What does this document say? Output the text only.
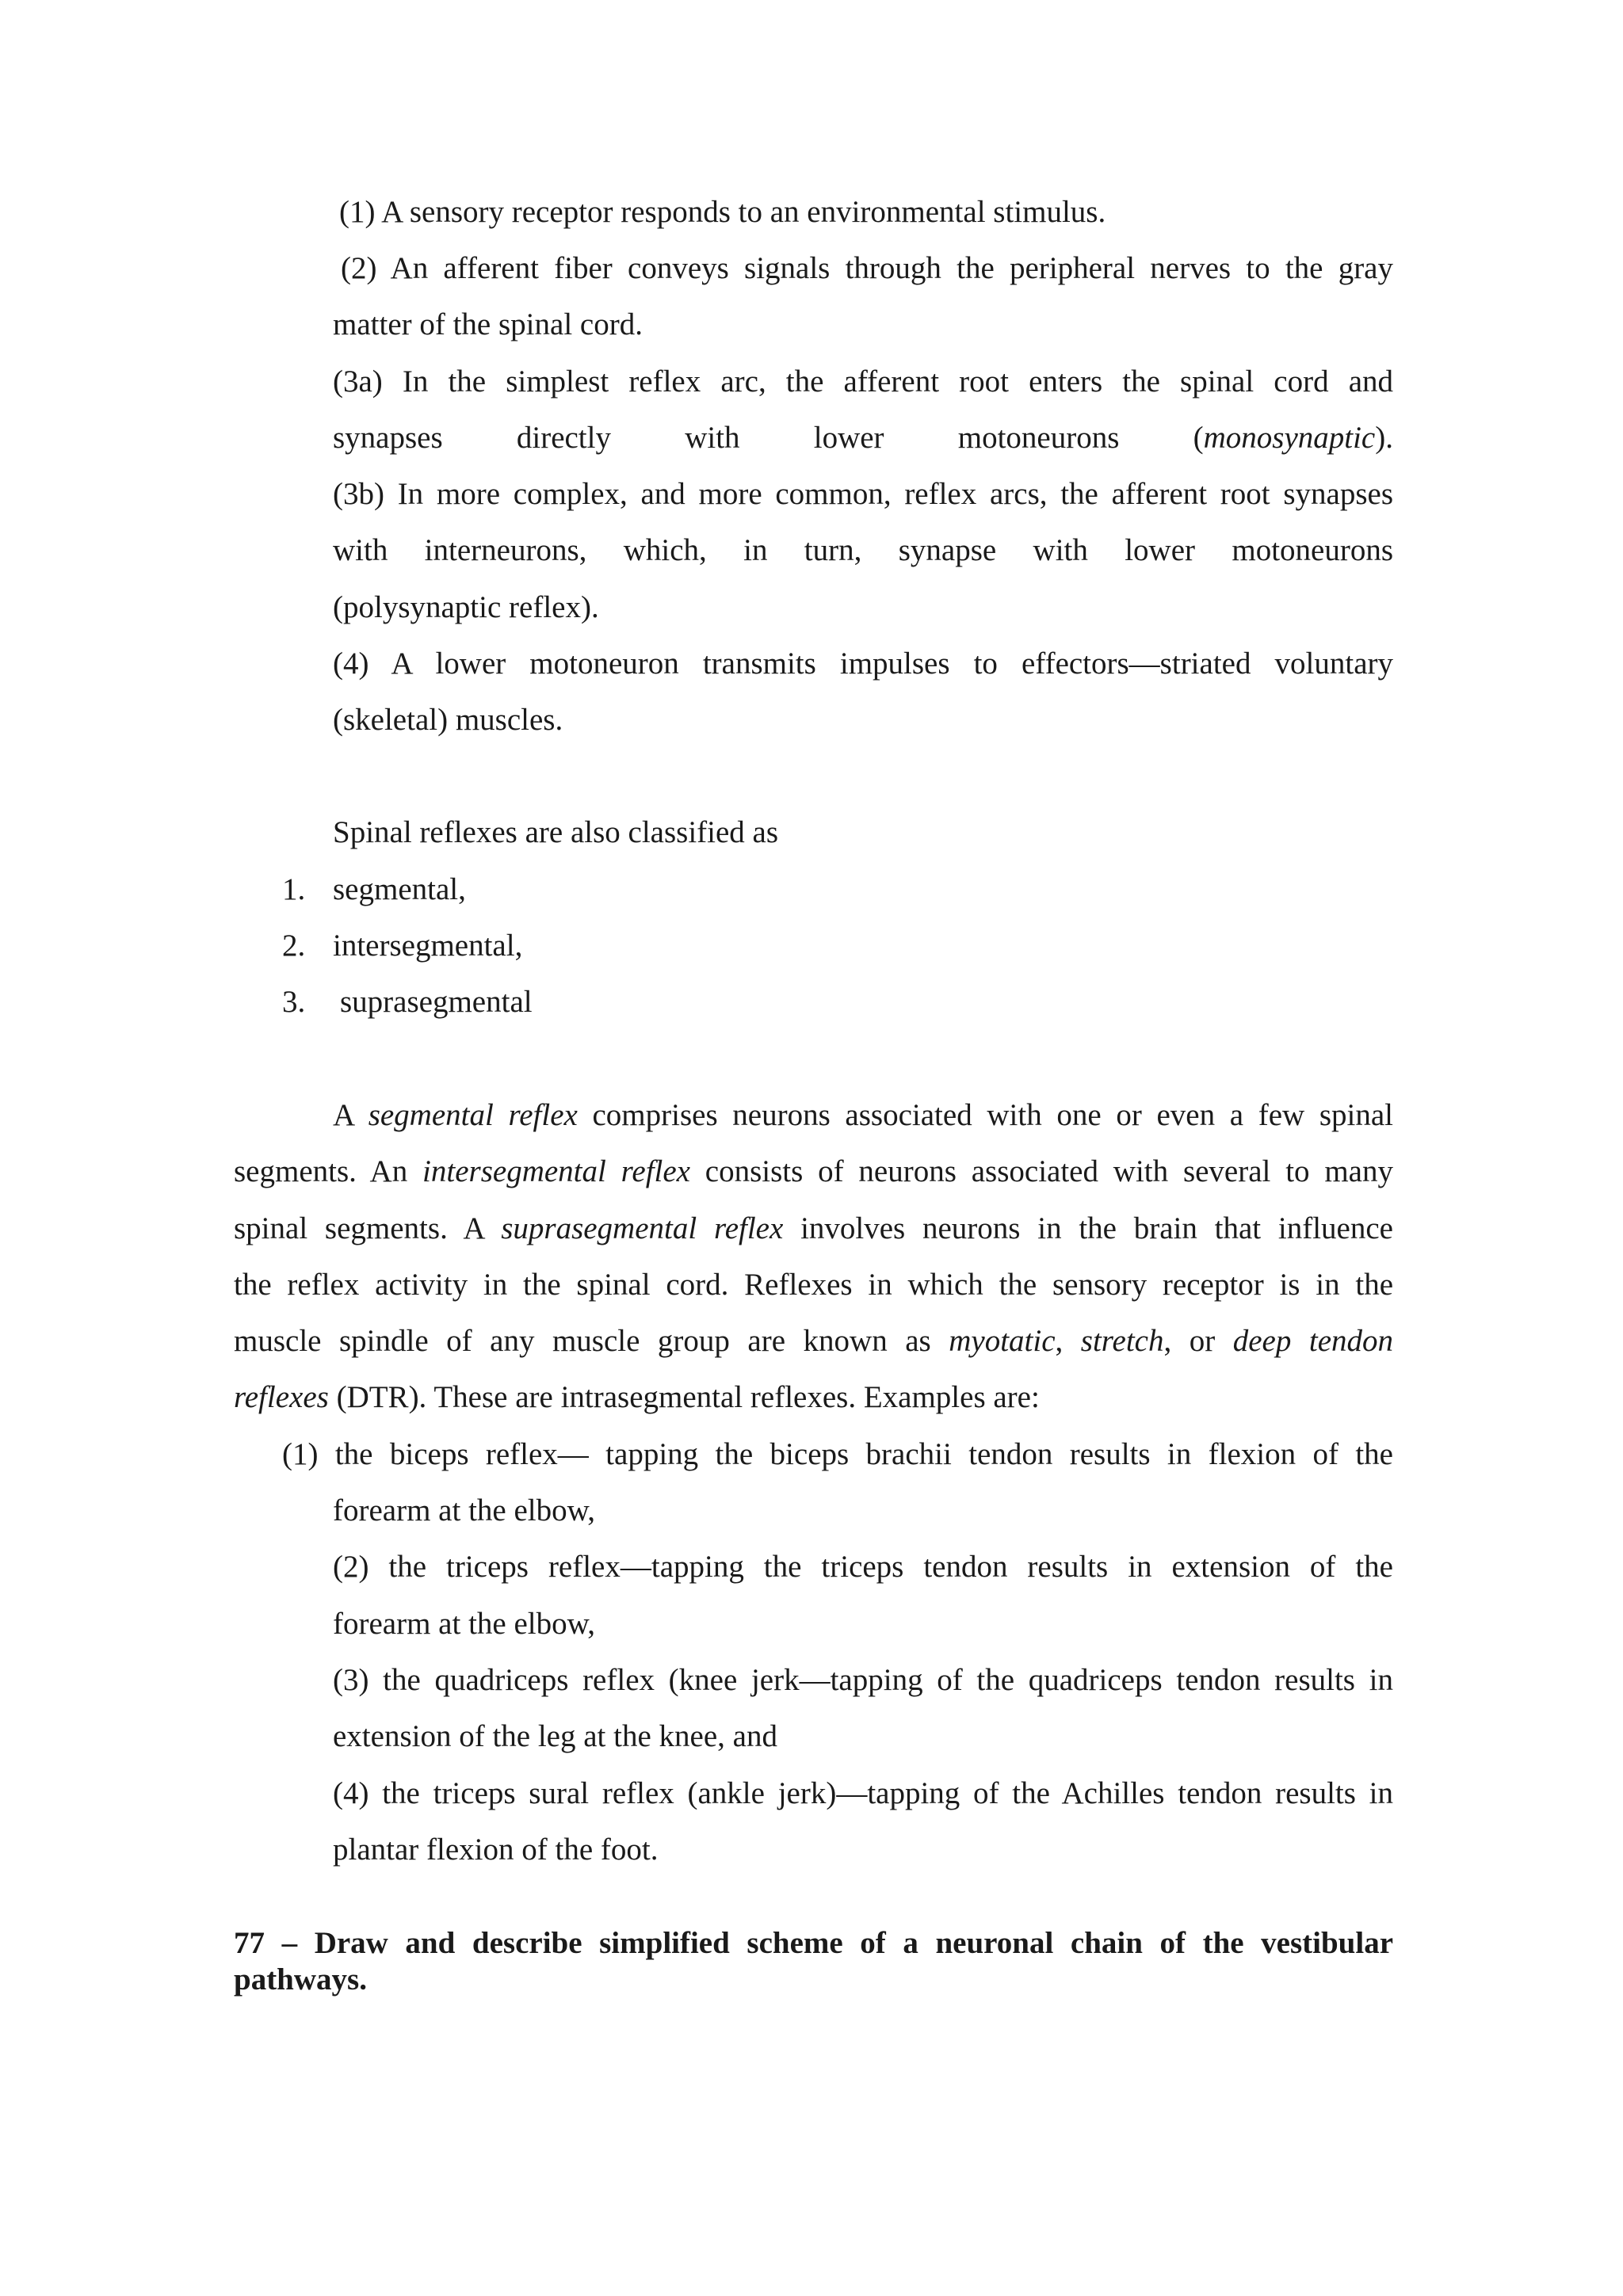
(1) A sensory receptor responds to an environmental stimulus.
(2) An afferent fiber conveys signals through the peripheral nerves to the gray
matter of the spinal cord.
(3a) In the simplest reflex arc, the afferent root enters the spinal cord and
synapses directly with lower motoneurons (monosynaptic).
(3b) In more complex, and more common, reflex arcs, the afferent root synapses
with interneurons, which, in turn, synapse with lower motoneurons
(polysynaptic reflex).
(4) A lower motoneuron transmits impulses to effectors—striated voluntary
(skeletal) muscles.
Spinal reflexes are also classified as
1. segmental,
2. intersegmental,
3. suprasegmental
A segmental reflex comprises neurons associated with one or even a few spinal
segments. An intersegmental reflex consists of neurons associated with several to many
spinal segments. A suprasegmental reflex involves neurons in the brain that influence
the reflex activity in the spinal cord. Reflexes in which the sensory receptor is in the
muscle spindle of any muscle group are known as myotatic, stretch, or deep tendon
reflexes (DTR). These are intrasegmental reflexes. Examples are:
(1) the biceps reflex— tapping the biceps brachii tendon results in flexion of the
forearm at the elbow,
(2) the triceps reflex—tapping the triceps tendon results in extension of the
forearm at the elbow,
(3) the quadriceps reflex (knee jerk—tapping of the quadriceps tendon results in
extension of the leg at the knee, and
(4) the triceps sural reflex (ankle jerk)—tapping of the Achilles tendon results in
plantar flexion of the foot.
77 – Draw and describe simplified scheme of a neuronal chain of the vestibular
pathways.
